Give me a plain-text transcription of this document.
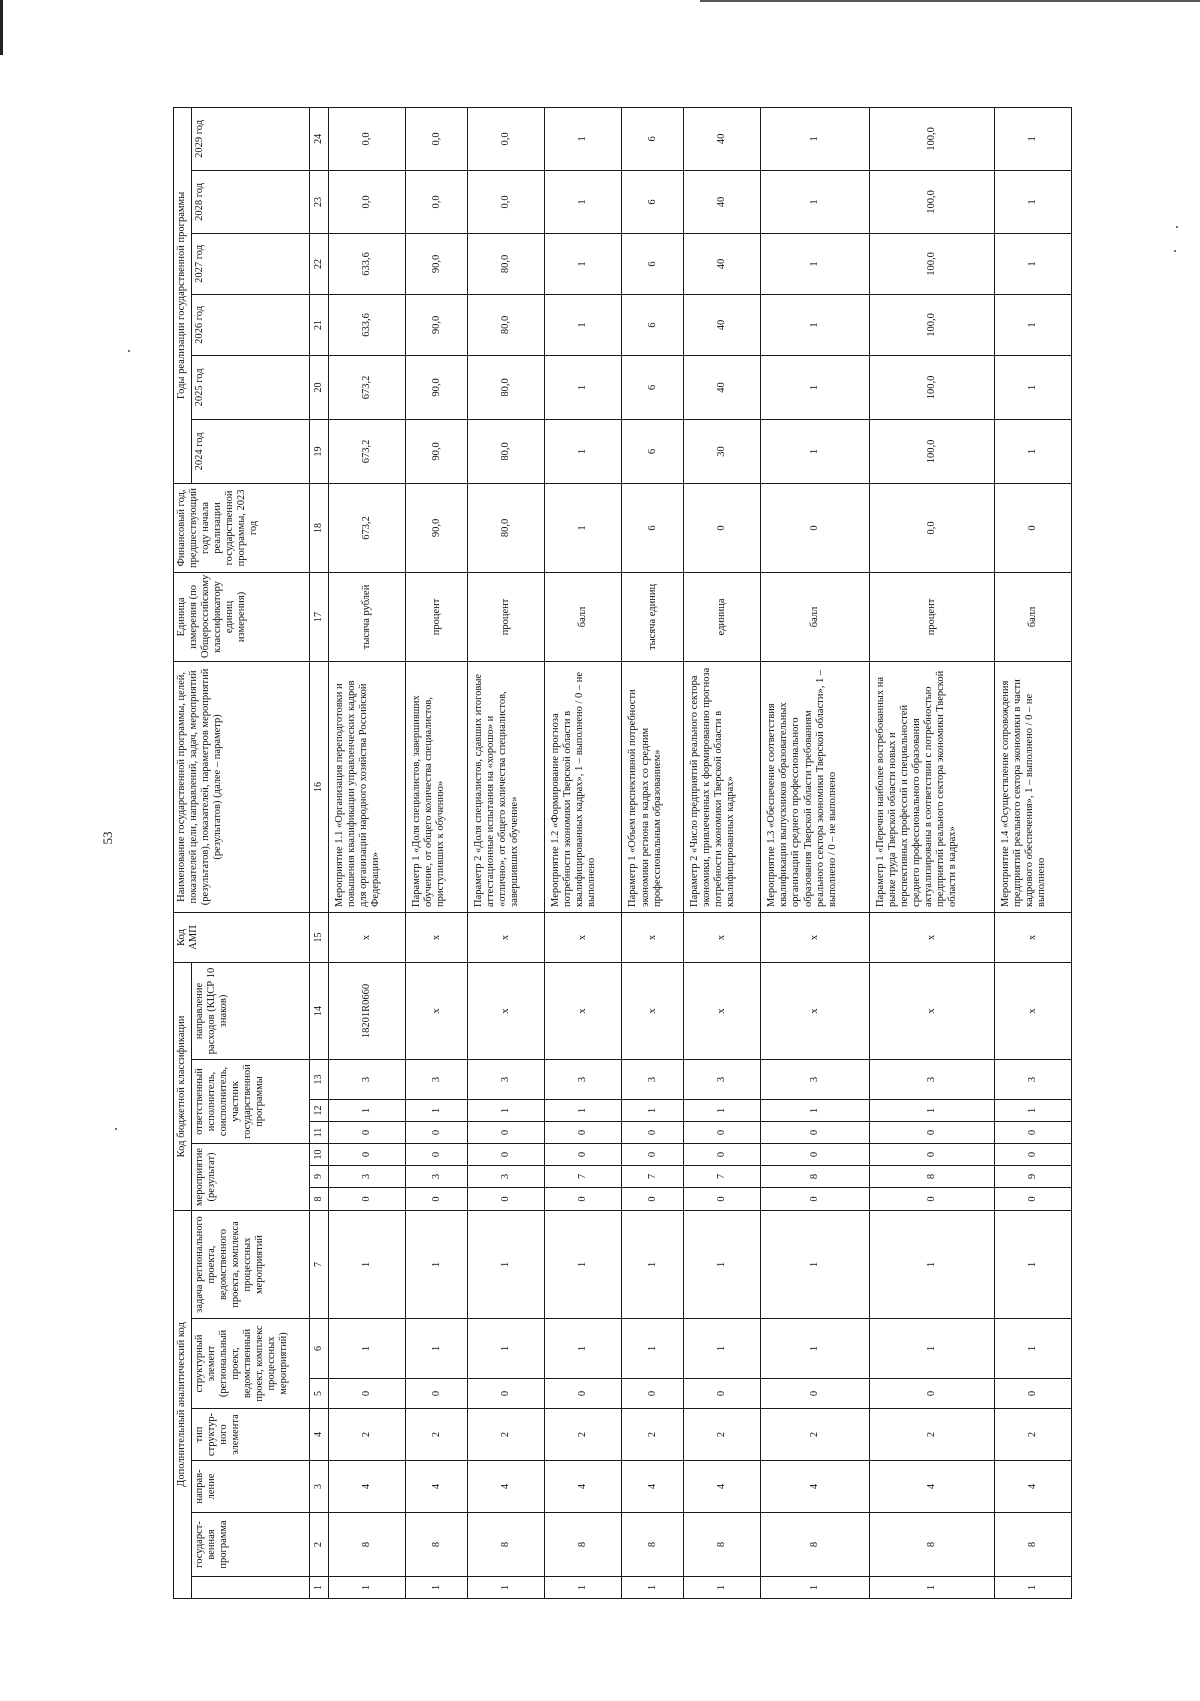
53
Дополнительный аналитический код							Код бюджетной классификации							Код АМП	Наименование государственной программы, целей, показателей цели, направлений, задач, мероприятий (результатов), показателей, параметров мероприятий (результатов) (далее – параметр)	Единица измерения (по Общероссийскому классификатору единиц измерения)	Финансовый год, предшествующий году начала реализации государственной программы, 2023 год	Годы реализации государственной программы					
	государст-венная программа	направ-ление	тип структур-ного элемента	структурный элемент (региональный проект, ведомственный проект, комплекс процессных мероприятий)		задача регионального проекта, ведомственного проекта, комплекса процессных мероприятий	мероприятие (результат)			ответственный исполнитель, соисполнитель, участник государственной программы			направление расходов (КЦСР 10 знаков)					2024 год	2025 год	2026 год	2027 год	2028 год	2029 год
1	2	3	4	5	6	7	8	9	10	11	12	13	14	15	16	17	18	19	20	21	22	23	24
1	8	4	2	0	1	1	0	3	0	0	1	3	18201R0660	x	Мероприятие 1.1 «Организация переподготовки и повышения квалификации управленческих кадров для организаций народного хозяйства Российской Федерации»	тысяча рублей	673,2	673,2	673,2	633,6	633,6	0,0	0,0
1	8	4	2	0	1	1	0	3	0	0	1	3	x	x	Параметр 1 «Доля специалистов, завершивших обучение, от общего количества специалистов, приступивших к обучению»	процент	90,0	90,0	90,0	90,0	90,0	0,0	0,0
1	8	4	2	0	1	1	0	3	0	0	1	3	x	x	Параметр 2 «Доля специалистов, сдавших итоговые аттестационные испытания на «хорошо» и «отлично», от общего количества специалистов, завершивших обучение»	процент	80,0	80,0	80,0	80,0	80,0	0,0	0,0
1	8	4	2	0	1	1	0	7	0	0	1	3	x	x	Мероприятие 1.2 «Формирование прогноза потребности экономики Тверской области в квалифицированных кадрах», 1 – выполнено / 0 – не выполнено	балл	1	1	1	1	1	1	1
1	8	4	2	0	1	1	0	7	0	0	1	3	x	x	Параметр 1 «Объем перспективной потребности экономики региона в кадрах со средним профессиональным образованием»	тысяча единиц	6	6	6	6	6	6	6
1	8	4	2	0	1	1	0	7	0	0	1	3	x	x	Параметр 2 «Число предприятий реального сектора экономики, привлеченных к формированию прогноза потребности экономики Тверской области в квалифицированных кадрах»	единица	0	30	40	40	40	40	40
1	8	4	2	0	1	1	0	8	0	0	1	3	x	x	Мероприятие 1.3 «Обеспечение соответствия квалификации выпускников образовательных организаций среднего профессионального образования Тверской области требованиям реального сектора экономики Тверской области», 1 – выполнено / 0 – не выполнено	балл	0	1	1	1	1	1	1
1	8	4	2	0	1	1	0	8	0	0	1	3	x	x	Параметр 1 «Перечни наиболее востребованных на рынке труда Тверской области новых и перспективных профессий и специальностей среднего профессионального образования актуализированы в соответствии с потребностью предприятий реального сектора экономики Тверской области в кадрах»	процент	0,0	100,0	100,0	100,0	100,0	100,0	100,0
1	8	4	2	0	1	1	0	9	0	0	1	3	x	x	Мероприятие 1.4 «Осуществление сопровождения предприятий реального сектора экономики в части кадрового обеспечения», 1 – выполнено / 0 – не выполнено	балл	0	1	1	1	1	1	1
